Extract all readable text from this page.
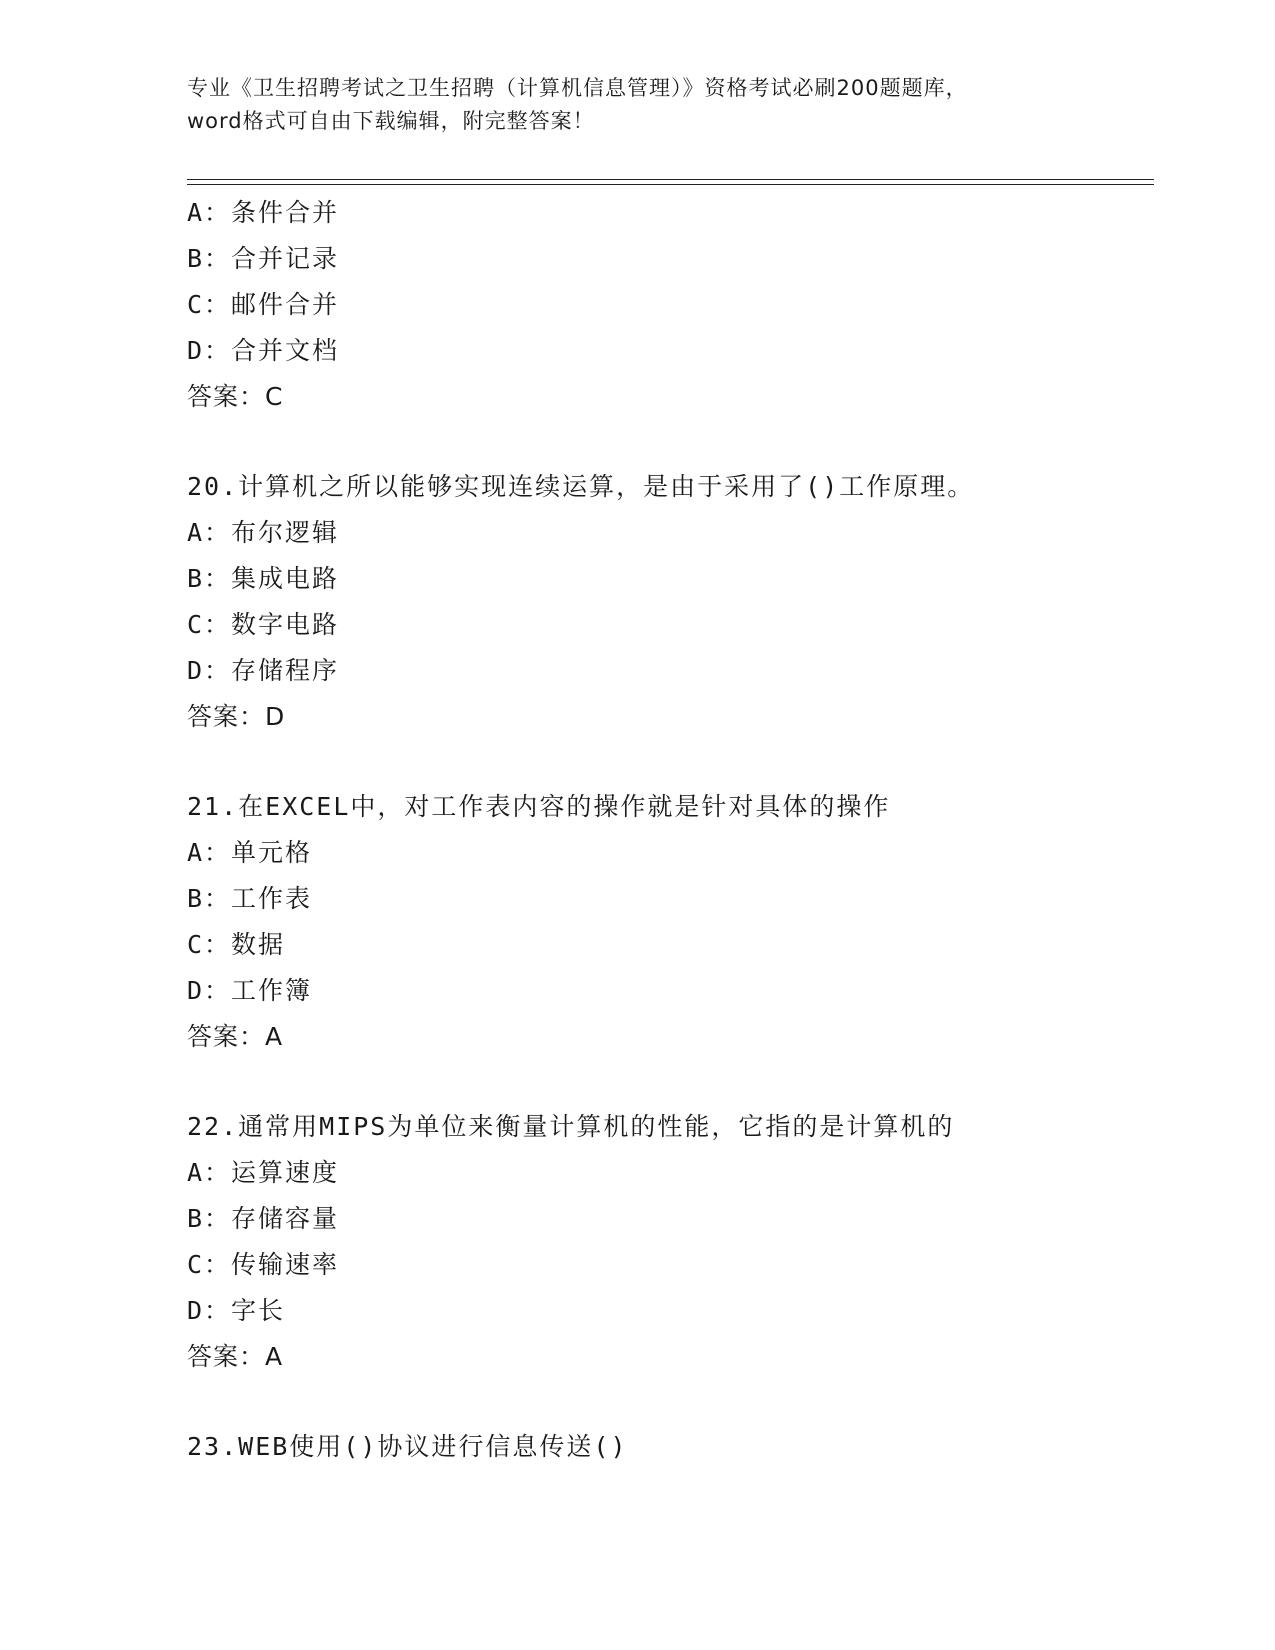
专业《卫生招聘考试之卫生招聘（计算机信息管理）》资格考试必刷200题题库，
word格式可自由下载编辑，附完整答案！
A：条件合并
B：合并记录
C：邮件合并
D：合并文档
答案：C
20.计算机之所以能够实现连续运算，是由于采用了()工作原理。
A：布尔逻辑
B：集成电路
C：数字电路
D：存储程序
答案：D
21.在EXCEL中，对工作表内容的操作就是针对具体的操作
A：单元格
B：工作表
C：数据
D：工作簿
答案：A
22.通常用MIPS为单位来衡量计算机的性能，它指的是计算机的
A：运算速度
B：存储容量
C：传输速率
D：字长
答案：A
23.WEB使用()协议进行信息传送()
